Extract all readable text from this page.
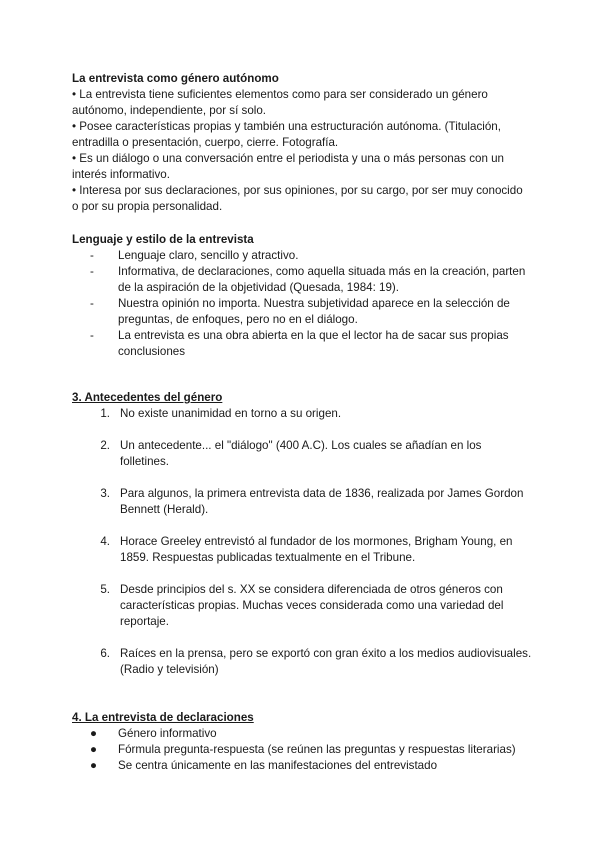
La entrevista como género autónomo

• La entrevista tiene suficientes elementos como para ser considerado un género autónomo, independiente, por sí solo.

• Posee características propias y también una estructuración autónoma. (Titulación, entradilla o presentación, cuerpo, cierre. Fotografía.

• Es un diálogo o una conversación entre el periodista y una o más personas con un interés informativo.

• Interesa por sus declaraciones, por sus opiniones, por su cargo, por ser muy conocido o por su propia personalidad.

Lenguaje y estilo de la entrevista
-	Lenguaje claro, sencillo y atractivo.
-	Informativa, de declaraciones, como aquella situada más en la creación, parten de la aspiración de la objetividad (Quesada, 1984: 19).
-	Nuestra opinión no importa. Nuestra subjetividad aparece en la selección de preguntas, de enfoques, pero no en el diálogo.
-	La entrevista es una obra abierta en la que el lector ha de sacar sus propias conclusiones
3. Antecedentes del género
1. No existe unanimidad en torno a su origen.
2. Un antecedente... el "diálogo" (400 A.C). Los cuales se añadían en los folletines.
3. Para algunos, la primera entrevista data de 1836, realizada por James Gordon Bennett (Herald).
4. Horace Greeley entrevistó al fundador de los mormones, Brigham Young, en 1859. Respuestas publicadas textualmente en el Tribune.
5. Desde principios del s. XX se considera diferenciada de otros géneros con características propias. Muchas veces considerada como una variedad del reportaje.
6. Raíces en la prensa, pero se exportó con gran éxito a los medios audiovisuales. (Radio y televisión)
4. La entrevista de declaraciones
●	Género informativo
●	Fórmula pregunta-respuesta (se reúnen las preguntas y respuestas literarias)
●	Se centra únicamente en las manifestaciones del entrevistado
